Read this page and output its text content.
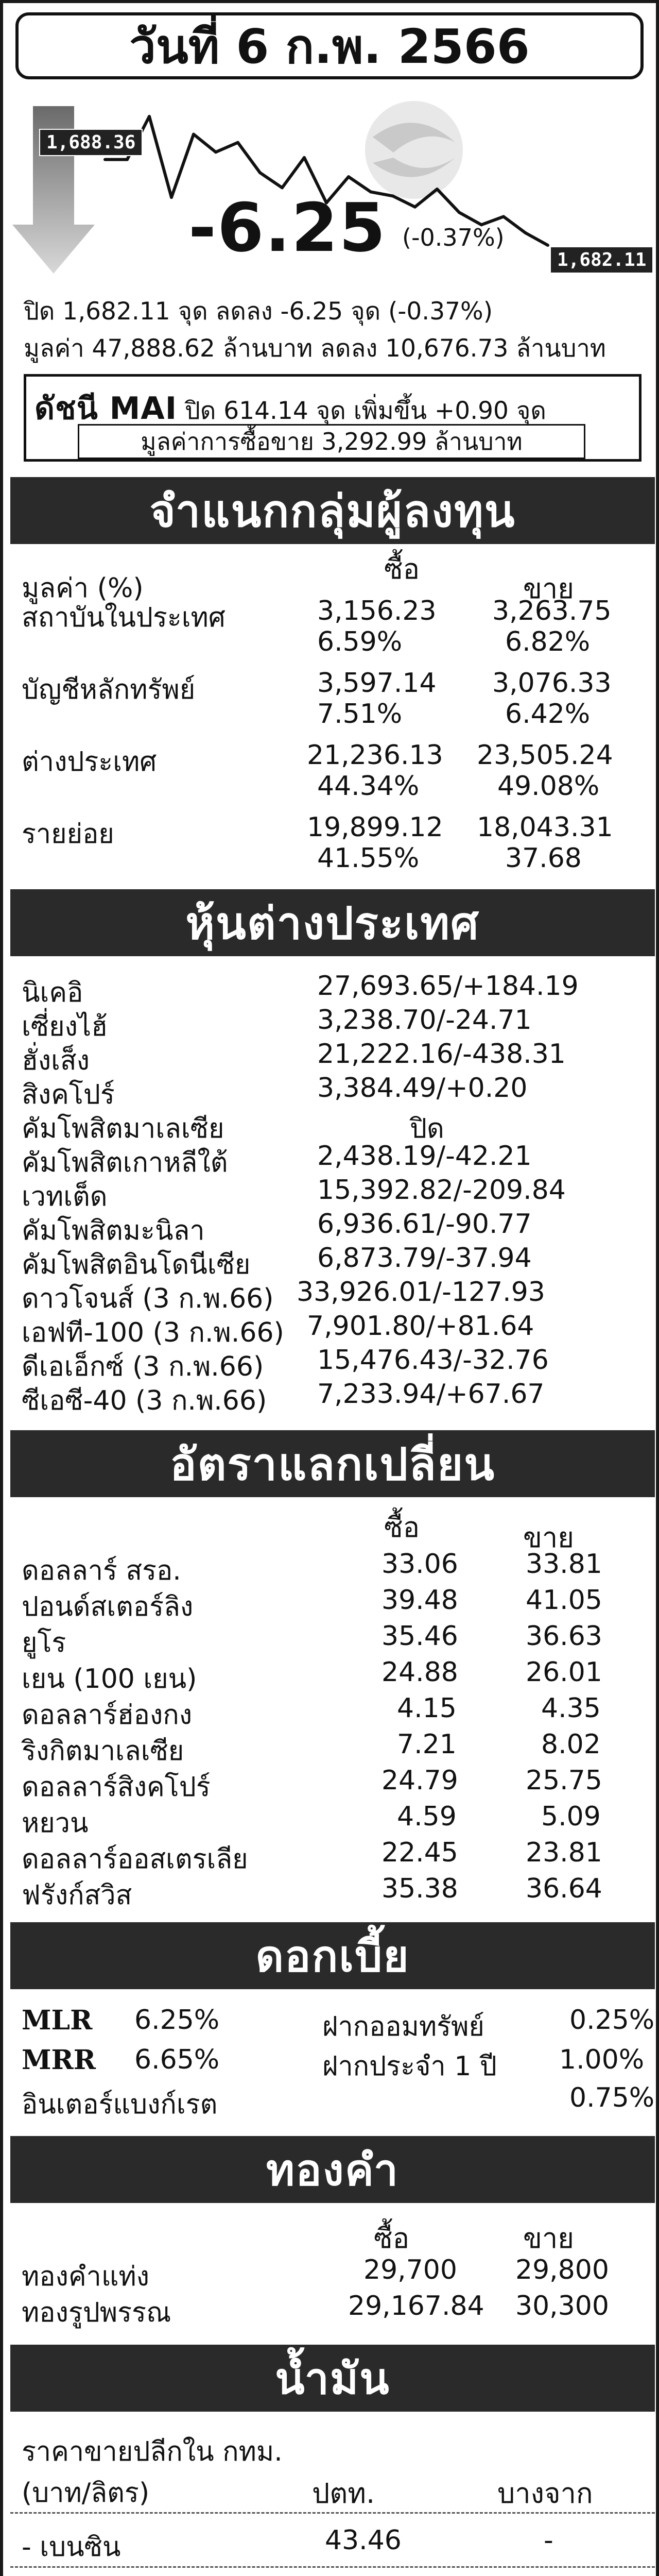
วันที่ 6 ก.พ. 2566
1,688.36
1,682.11
-6.25 (-0.37%)
ปิด 1,682.11 จุด ลดลง -6.25 จุด (-0.37%)
มูลค่า 47,888.62 ล้านบาท ลดลง 10,676.73 ล้านบาท
ดัชนี MAI ปิด 614.14 จุด เพิ่มขึ้น +0.90 จุด
มูลค่าการซื้อขาย 3,292.99 ล้านบาท
จำแนกกลุ่มผู้ลงทุน
มูลค่า (%)
ซื้อ
ขาย
สถาบันในประเทศ	3,156.23 3,263.75
6.59%	6.82%
บัญชีหลักทรัพย์	3,597.14 3,076.33
7.51%	6.42%
ต่างประเทศ	21,236.13 23,505.24
44.34%	49.08%
รายย่อย	19,899.12 18,043.31
41.55%	37.68
หุ้นต่างประเทศ
นิเคอิ	27,693.65/+184.19
เซี่ยงไฮ้	3,238.70/-24.71
ฮั่งเส็ง	21,222.16/-438.31
สิงคโปร์	3,384.49/+0.20
คัมโพสิตมาเลเซีย	ปิด
คัมโพสิตเกาหลีใต้	2,438.19/-42.21
เวทเต็ด	15,392.82/-209.84
คัมโพสิตมะนิลา	6,936.61/-90.77
คัมโพสิตอินโดนีเซีย 6,873.79/-37.94
ดาวโจนส์ (3 ก.พ.66) 33,926.01/-127.93
เอฟที-100 (3 ก.พ.66) 7,901.80/+81.64
ดีเอเอ็กซ์ (3 ก.พ.66) 15,476.43/-32.76
ซีเอซี-40 (3 ก.พ.66) 7,233.94/+67.67
อัตราแลกเปลี่ยน
ซื้อ	ขาย
ดอลลาร์ สรอ.	33.06	33.81
ปอนด์สเตอร์ลิง	39.48	41.05
ยูโร	35.46	36.63
เยน (100 เยน)	24.88	26.01
ดอลลาร์ฮ่องกง	4.15	4.35
ริงกิตมาเลเซีย	7.21	8.02
ดอลลาร์สิงคโปร์	24.79	25.75
หยวน	4.59	5.09
ดอลลาร์ออสเตรเลีย	22.45	23.81
ฟรังก์สวิส	35.38	36.64
ดอกเบี้ย
MLR 6.25%	ฝากออมทรัพย์	0.25%
MRR 6.65%	ฝากประจำ 1 ปี 1.00%
อินเตอร์แบงก์เรต	0.75%
ทองคำ
ซื้อ	ขาย
ทองคำแท่ง	29,700 29,800
ทองรูปพรรณ	29,167.84 30,300
น้ำมัน
ราคาขายปลีกใน กทม.
(บาท/ลิตร)	ปตท.	บางจาก
- เบนซิน	43.46	-
